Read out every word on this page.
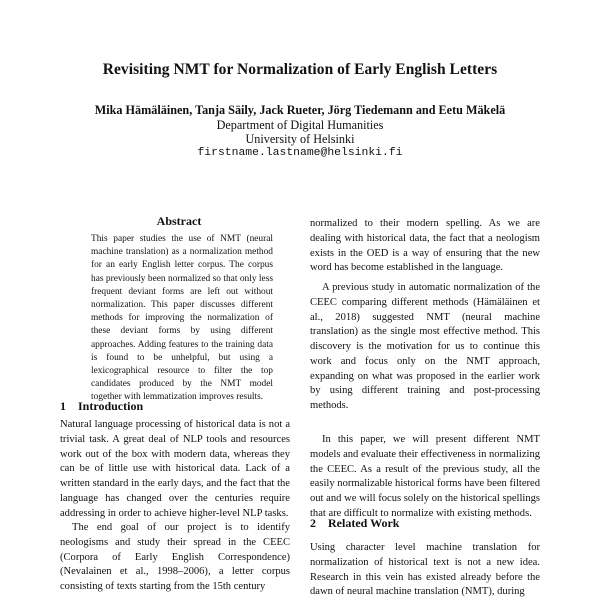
Revisiting NMT for Normalization of Early English Letters
Mika Hämäläinen, Tanja Säily, Jack Rueter, Jörg Tiedemann and Eetu Mäkelä
Department of Digital Humanities
University of Helsinki
firstname.lastname@helsinki.fi
Abstract

This paper studies the use of NMT (neural machine translation) as a normalization method for an early English letter corpus. The corpus has previously been normalized so that only less frequent deviant forms are left out without normalization. This paper discusses different methods for improving the normalization of these deviant forms by using different approaches. Adding features to the training data is found to be unhelpful, but using a lexicographical resource to filter the top candidates produced by the NMT model together with lemmatization improves results.

1 Introduction

Natural language processing of historical data is not a trivial task. A great deal of NLP tools and resources work out of the box with modern data, whereas they can be of little use with historical data. Lack of a written standard in the early days, and the fact that the language has changed over the centuries require addressing in order to achieve higher-level NLP tasks.

The end goal of our project is to identify neologisms and study their spread in the CEEC (Corpora of Early English Correspondence) (Nevalainen et al., 1998–2006), a letter corpus consisting of texts starting from the 15th century

normalized to their modern spelling. As we are dealing with historical data, the fact that a neologism exists in the OED is a way of ensuring that the new word has become established in the language.

A previous study in automatic normalization of the CEEC comparing different methods (Hämäläinen et al., 2018) suggested NMT (neural machine translation) as the single most effective method. This discovery is the motivation for us to continue this work and focus only on the NMT approach, expanding on what was proposed in the earlier work by using different training and post-processing methods.

In this paper, we will present different NMT models and evaluate their effectiveness in normalizing the CEEC. As a result of the previous study, all the easily normalizable historical forms have been filtered out and we will focus solely on the historical spellings that are difficult to normalize with existing methods.

2 Related Work

Using character level machine translation for normalization of historical text is not a new idea. Research in this vein has existed already before the dawn of neural machine translation (NMT), during
